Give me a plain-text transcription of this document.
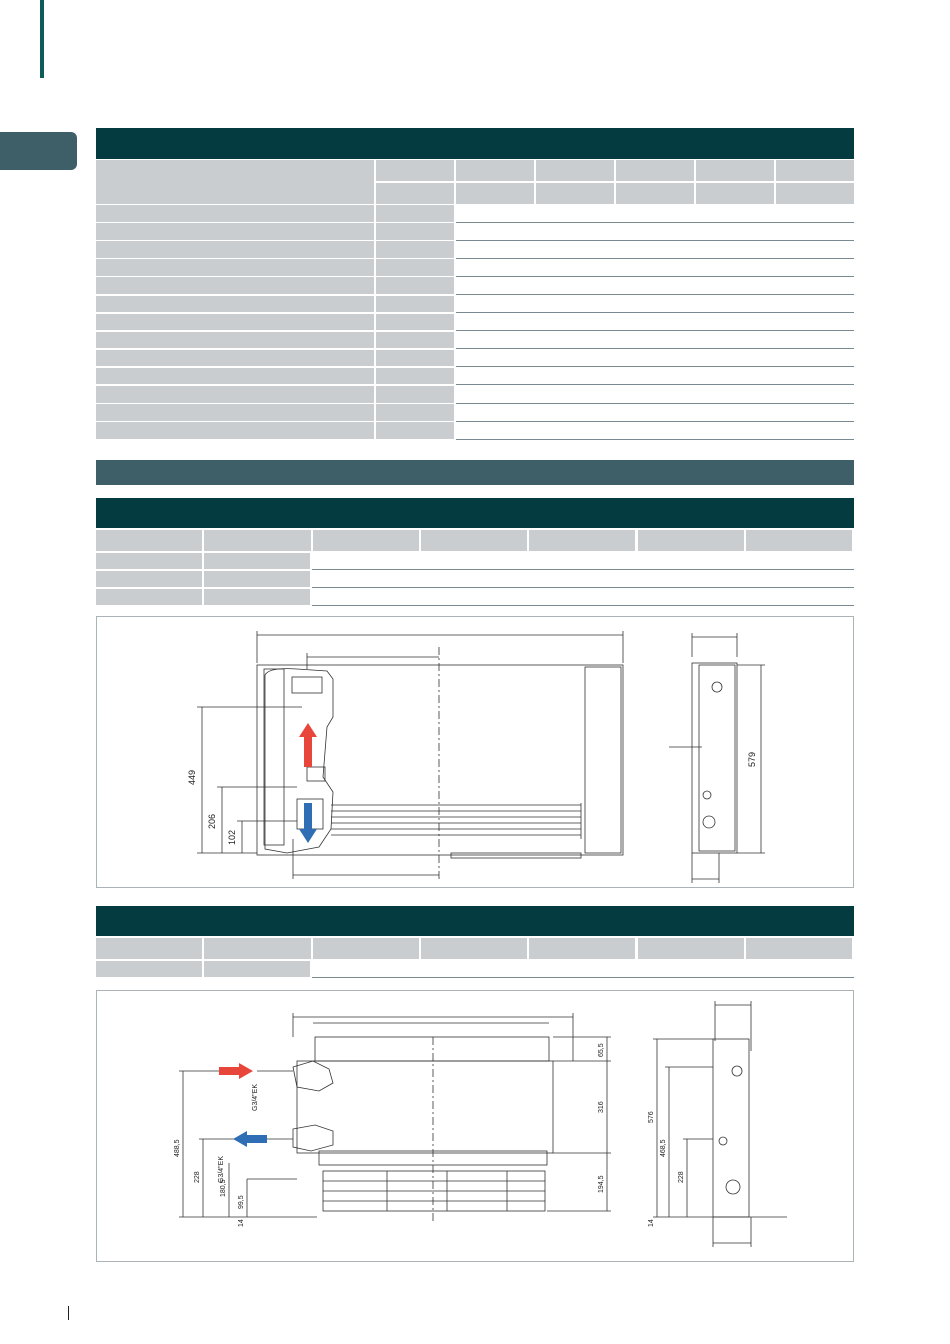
449
206
102
579
65,5
316
194,5
488,5
228
180,5
99,5
14
G3/4"EK
G3/4"EK
576
468,5
228
14
